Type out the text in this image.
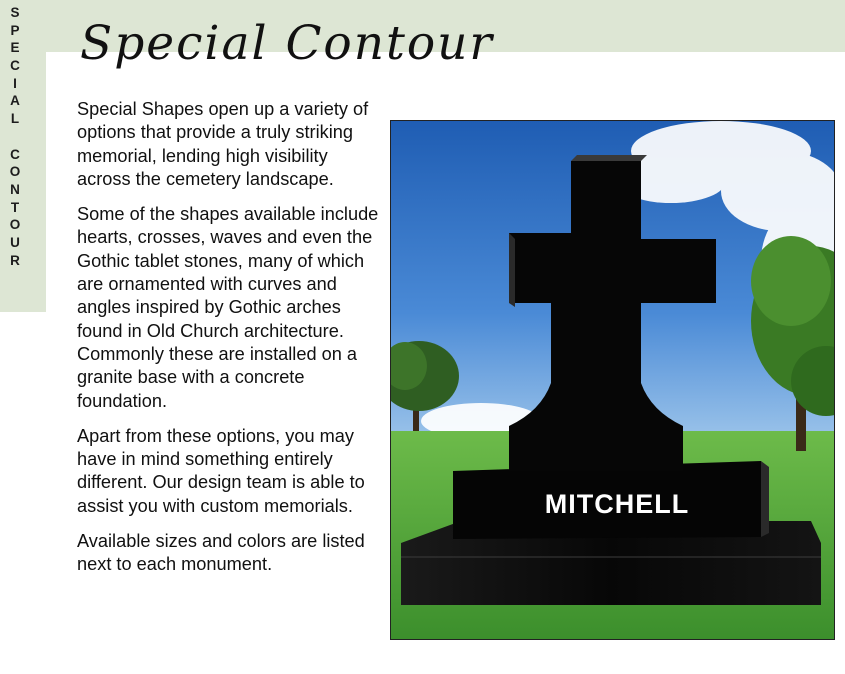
S
P
E
C
I
A
L
C
O
N
T
O
U
R
Special Contour

Special Shapes open up a variety of options that provide a truly striking memorial, lending high visibility across the cemetery landscape.

Some of the shapes available include hearts, crosses, waves and even the Gothic tablet stones, many of which are ornamented with curves and angles inspired by Gothic arches found in Old Church architecture. Commonly these are installed on a granite base with a concrete foundation.

Apart from these options, you may have in mind something entirely different. Our design team is able to assist you with custom memorials.

Available sizes and colors are listed next to each monument.

MITCHELL
